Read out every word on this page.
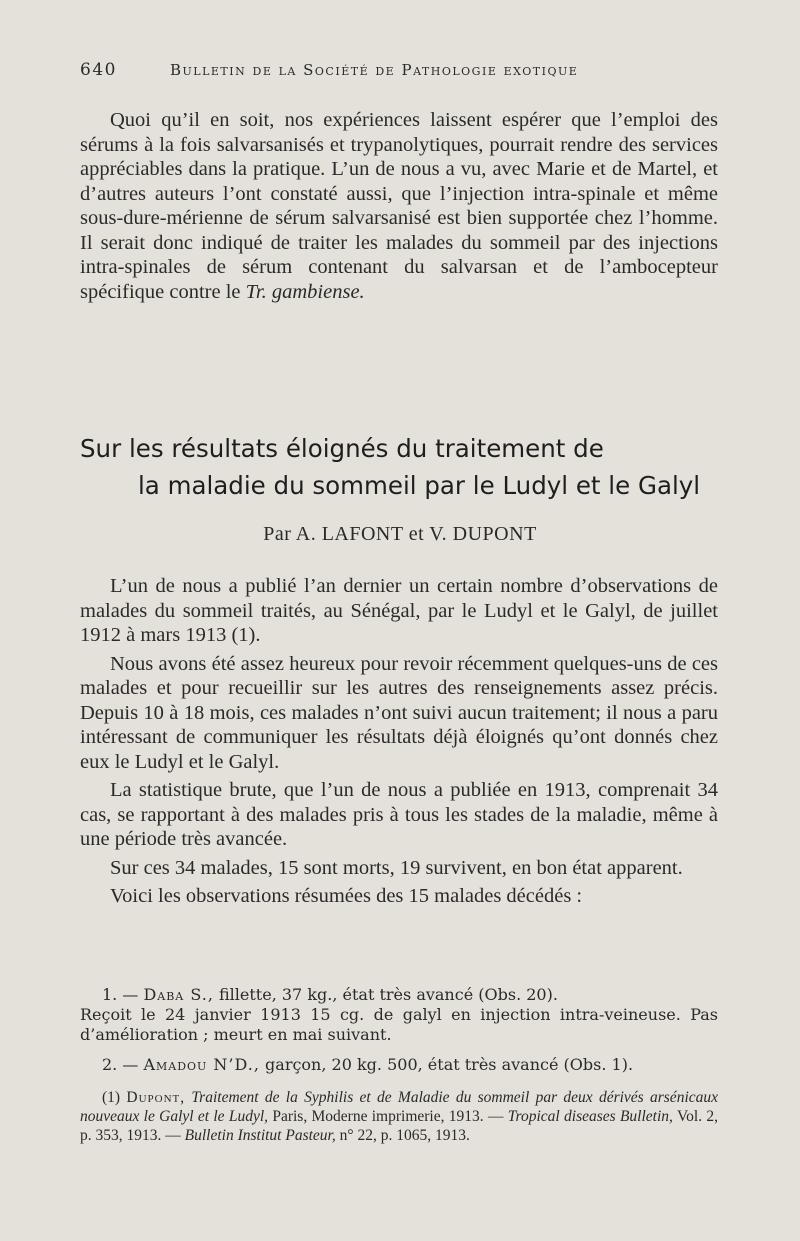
640	Bulletin de la Société de Pathologie exotique

Quoi qu’il en soit, nos expériences laissent espérer que l’emploi des sérums à la fois salvarsanisés et trypanolytiques, pourrait rendre des services appréciables dans la pratique. L’un de nous a vu, avec Marie et de Martel, et d’autres auteurs l’ont constaté aussi, que l’injection intra-spinale et même sous-dure-mérienne de sérum salvarsanisé est bien supportée chez l’homme. Il serait donc indiqué de traiter les malades du sommeil par des injections intra-spinales de sérum contenant du salvarsan et de l’ambocepteur spécifique contre le Tr. gambiense.

Sur les résultats éloignés du traitement de
la maladie du sommeil par le Ludyl et le Galyl
Par A. LAFONT et V. DUPONT

L’un de nous a publié l’an dernier un certain nombre d’observations de malades du sommeil traités, au Sénégal, par le Ludyl et le Galyl, de juillet 1912 à mars 1913 (1).

Nous avons été assez heureux pour revoir récemment quelques-uns de ces malades et pour recueillir sur les autres des renseignements assez précis. Depuis 10 à 18 mois, ces malades n’ont suivi aucun traitement; il nous a paru intéressant de communiquer les résultats déjà éloignés qu’ont donnés chez eux le Ludyl et le Galyl.

La statistique brute, que l’un de nous a publiée en 1913, comprenait 34 cas, se rapportant à des malades pris à tous les stades de la maladie, même à une période très avancée.

Sur ces 34 malades, 15 sont morts, 19 survivent, en bon état apparent.

Voici les observations résumées des 15 malades décédés :

1. — Daba S., fillette, 37 kg., état très avancé (Obs. 20).

Reçoit le 24 janvier 1913 15 cg. de galyl en injection intra-veineuse. Pas d’amélioration ; meurt en mai suivant.

2. — Amadou N’D., garçon, 20 kg. 500, état très avancé (Obs. 1).

(1) Dupont, Traitement de la Syphilis et de Maladie du sommeil par deux dérivés arsénicaux nouveaux le Galyl et le Ludyl, Paris, Moderne imprimerie, 1913. — Tropical diseases Bulletin, Vol. 2, p. 353, 1913. — Bulletin Institut Pasteur, n° 22, p. 1065, 1913.
